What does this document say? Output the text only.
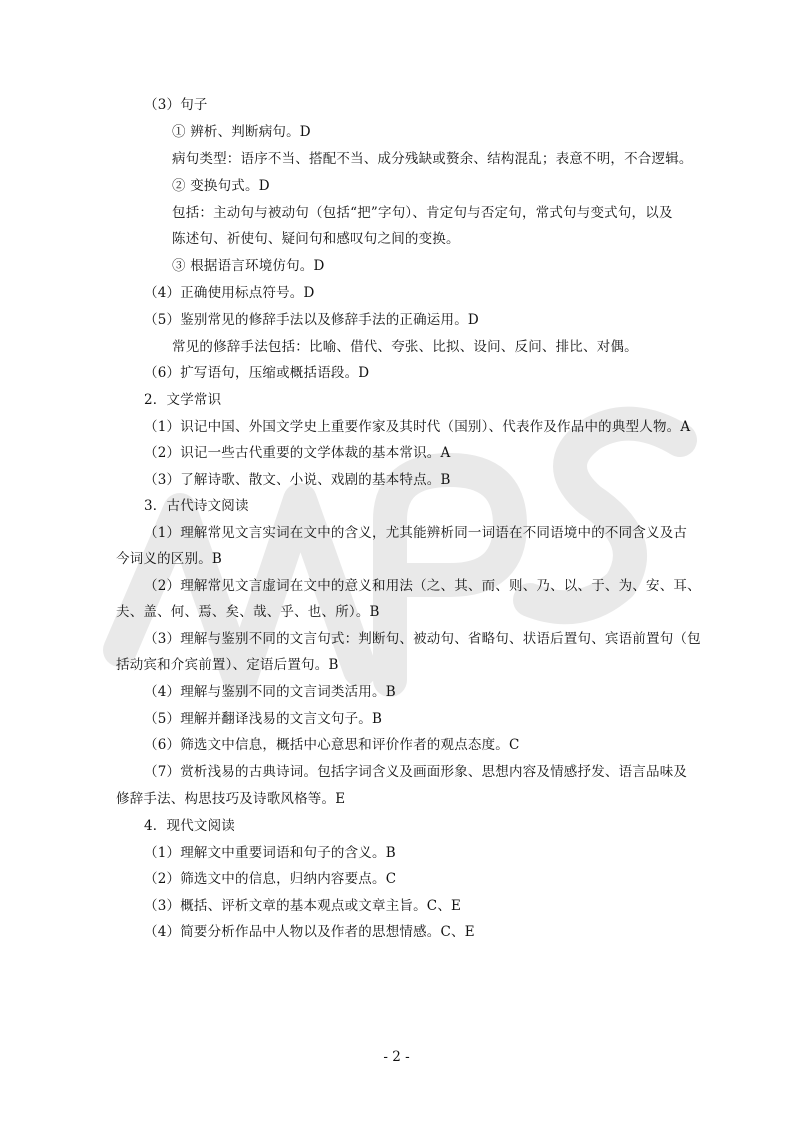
（3）句子
① 辨析、判断病句。D
病句类型：语序不当、搭配不当、成分残缺或赘余、结构混乱；表意不明，不合逻辑。
② 变换句式。D
包括：主动句与被动句（包括“把”字句）、肯定句与否定句，常式句与变式句，以及
陈述句、祈使句、疑问句和感叹句之间的变换。
③ 根据语言环境仿句。D
（4）正确使用标点符号。D
（5）鉴别常见的修辞手法以及修辞手法的正确运用。D
常见的修辞手法包括：比喻、借代、夸张、比拟、设问、反问、排比、对偶。
（6）扩写语句，压缩或概括语段。D
2．文学常识
（1）识记中国、外国文学史上重要作家及其时代（国别）、代表作及作品中的典型人物。A
（2）识记一些古代重要的文学体裁的基本常识。A
（3）了解诗歌、散文、小说、戏剧的基本特点。B
3．古代诗文阅读
（1）理解常见文言实词在文中的含义，尤其能辨析同一词语在不同语境中的不同含义及古
今词义的区别。B
（2）理解常见文言虚词在文中的意义和用法（之、其、而、则、乃、以、于、为、安、耳、
夫、盖、何、焉、矣、哉、乎、也、所）。B
（3）理解与鉴别不同的文言句式：判断句、被动句、省略句、状语后置句、宾语前置句（包
括动宾和介宾前置）、定语后置句。B
（4）理解与鉴别不同的文言词类活用。B
（5）理解并翻译浅易的文言文句子。B
（6）筛选文中信息，概括中心意思和评价作者的观点态度。C
（7）赏析浅易的古典诗词。包括字词含义及画面形象、思想内容及情感抒发、语言品味及
修辞手法、构思技巧及诗歌风格等。E
4．现代文阅读
（1）理解文中重要词语和句子的含义。B
（2）筛选文中的信息，归纳内容要点。C
（3）概括、评析文章的基本观点或文章主旨。C、E
（4）简要分析作品中人物以及作者的思想情感。C、E
- 2 -
